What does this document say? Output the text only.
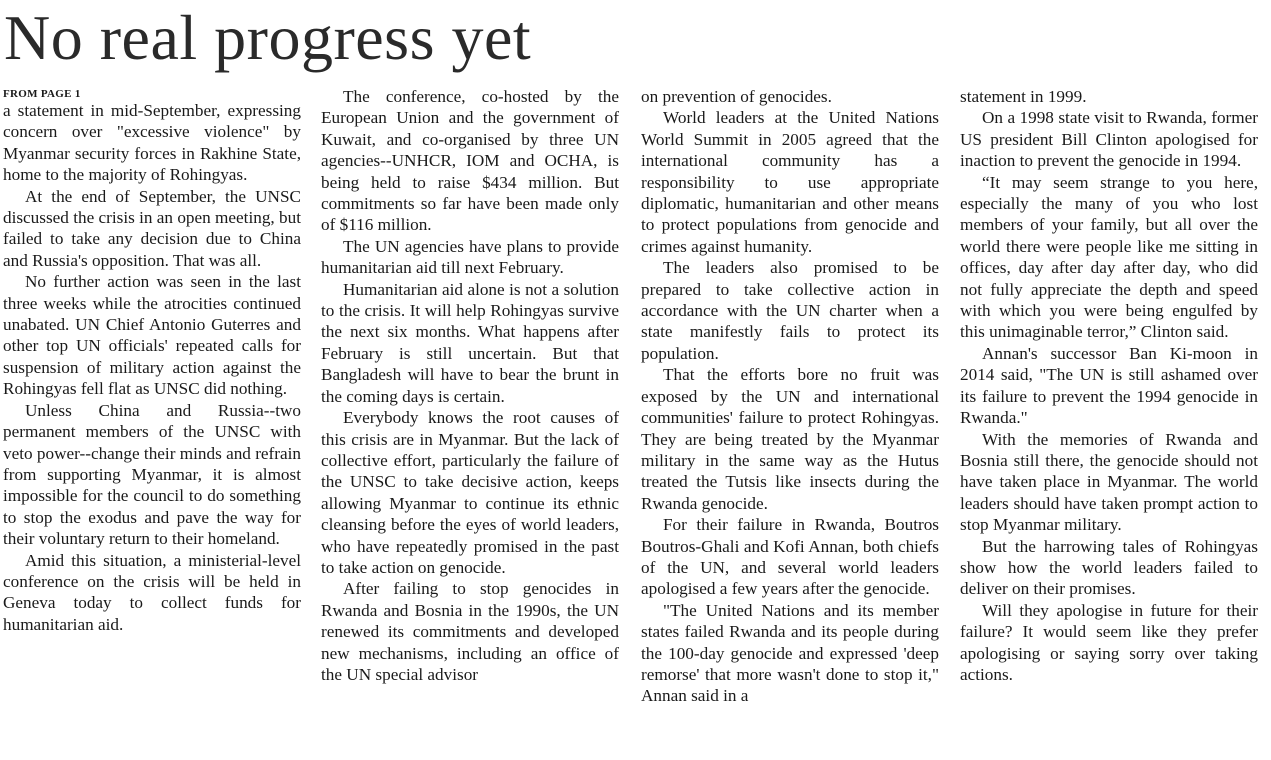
No real progress yet
FROM PAGE 1

a statement in mid-September, expressing concern over "excessive violence" by Myanmar security forces in Rakhine State, home to the majority of Rohingyas.

At the end of September, the UNSC discussed the crisis in an open meeting, but failed to take any decision due to China and Russia's opposition. That was all.

No further action was seen in the last three weeks while the atrocities continued unabated. UN Chief Antonio Guterres and other top UN officials' repeated calls for suspension of military action against the Rohingyas fell flat as UNSC did nothing.

Unless China and Russia--two permanent members of the UNSC with veto power--change their minds and refrain from supporting Myanmar, it is almost impossible for the council to do something to stop the exodus and pave the way for their voluntary return to their homeland.

Amid this situation, a ministerial-level conference on the crisis will be held in Geneva today to collect funds for humanitarian aid.

The conference, co-hosted by the European Union and the government of Kuwait, and co-organised by three UN agencies--UNHCR, IOM and OCHA, is being held to raise $434 million. But commitments so far have been made only of $116 million.

The UN agencies have plans to provide humanitarian aid till next February.

Humanitarian aid alone is not a solution to the crisis. It will help Rohingyas survive the next six months. What happens after February is still uncertain. But that Bangladesh will have to bear the brunt in the coming days is certain.

Everybody knows the root causes of this crisis are in Myanmar. But the lack of collective effort, particularly the failure of the UNSC to take decisive action, keeps allowing Myanmar to continue its ethnic cleansing before the eyes of world leaders, who have repeatedly promised in the past to take action on genocide.

After failing to stop genocides in Rwanda and Bosnia in the 1990s, the UN renewed its commitments and developed new mechanisms, including an office of the UN special advisor

on prevention of genocides.

World leaders at the United Nations World Summit in 2005 agreed that the international community has a responsibility to use appropriate diplomatic, humanitarian and other means to protect populations from genocide and crimes against humanity.

The leaders also promised to be prepared to take collective action in accordance with the UN charter when a state manifestly fails to protect its population.

That the efforts bore no fruit was exposed by the UN and international communities' failure to protect Rohingyas. They are being treated by the Myanmar military in the same way as the Hutus treated the Tutsis like insects during the Rwanda genocide.

For their failure in Rwanda, Boutros Boutros-Ghali and Kofi Annan, both chiefs of the UN, and several world leaders apologised a few years after the genocide.

"The United Nations and its member states failed Rwanda and its people during the 100-day genocide and expressed 'deep remorse' that more wasn't done to stop it," Annan said in a

statement in 1999.

On a 1998 state visit to Rwanda, former US president Bill Clinton apologised for inaction to prevent the genocide in 1994.

“It may seem strange to you here, especially the many of you who lost members of your family, but all over the world there were people like me sitting in offices, day after day after day, who did not fully appreciate the depth and speed with which you were being engulfed by this unimaginable terror,” Clinton said.

Annan's successor Ban Ki-moon in 2014 said, "The UN is still ashamed over its failure to prevent the 1994 genocide in Rwanda."

With the memories of Rwanda and Bosnia still there, the genocide should not have taken place in Myanmar. The world leaders should have taken prompt action to stop Myanmar military.

But the harrowing tales of Rohingyas show how the world leaders failed to deliver on their promises.

Will they apologise in future for their failure? It would seem like they prefer apologising or saying sorry over taking actions.
